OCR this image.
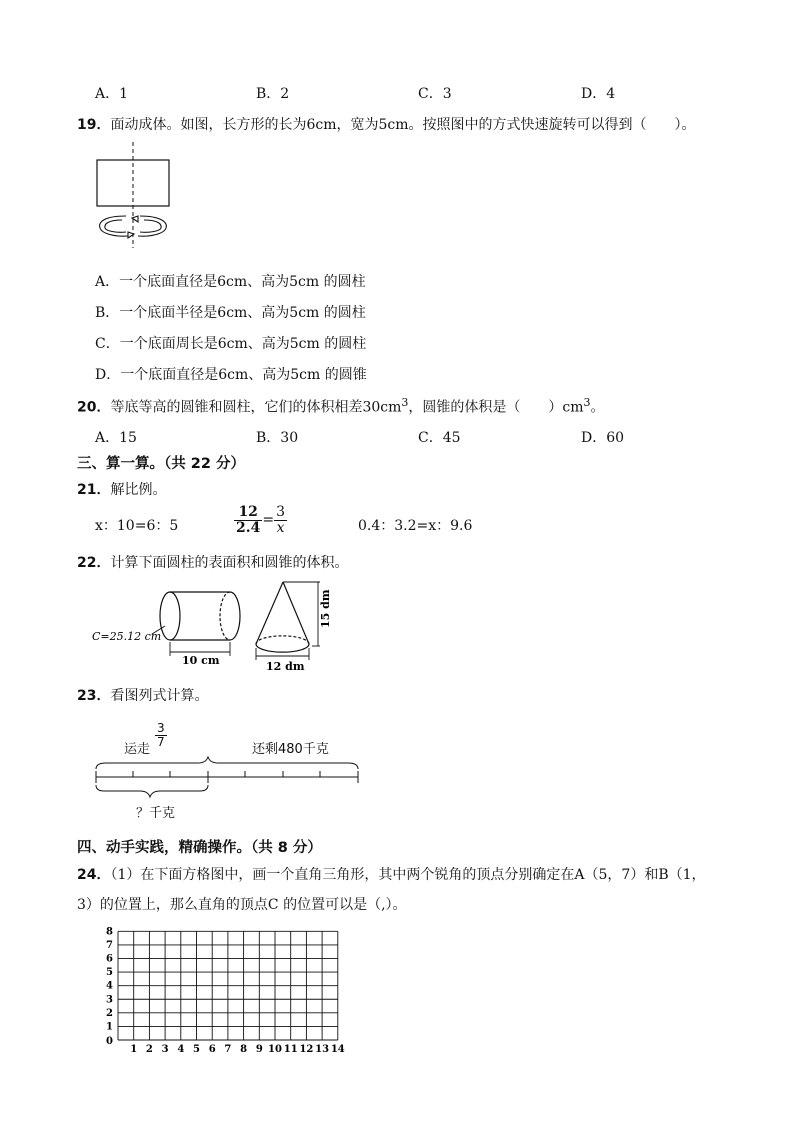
A．1	B．2	C．3	D．4
19．面动成体。如图，长方形的长为6cm，宽为5cm。按照图中的方式快速旋转可以得到（　　）。
A．一个底面直径是6cm、高为5cm 的圆柱
B．一个底面半径是6cm、高为5cm 的圆柱
C．一个底面周长是6cm、高为5cm 的圆柱
D．一个底面直径是6cm、高为5cm 的圆锥
20．等底等高的圆锥和圆柱，它们的体积相差$30cm^3$，圆锥的体积是（　　）$cm^3$。
A．15	B．30	C．45	D．60
三、算一算。（共 22 分）
21．解比例。
x：10=6：5	$\frac{12}{2.4} = \frac{3}{x}$	0.4：3.2=x：9.6
22．计算下面圆柱的表面积和圆锥的体积。
C=25.12 cm
10 cm
15 dm
12 dm
23．看图列式计算。
运走
$\frac{3}{7}$
还剩480千克
？千克
四、动手实践，精确操作。（共 8 分）
24．（1）在下面方格图中，画一个直角三角形，其中两个锐角的顶点分别确定在A（5，7）和B（1，
3）的位置上，那么直角的顶点C 的位置可以是（,）。
1 2 3 4 5 6 7 8 9 10 11 12 13 14
0
1
2
3
4
5
6
7
8
